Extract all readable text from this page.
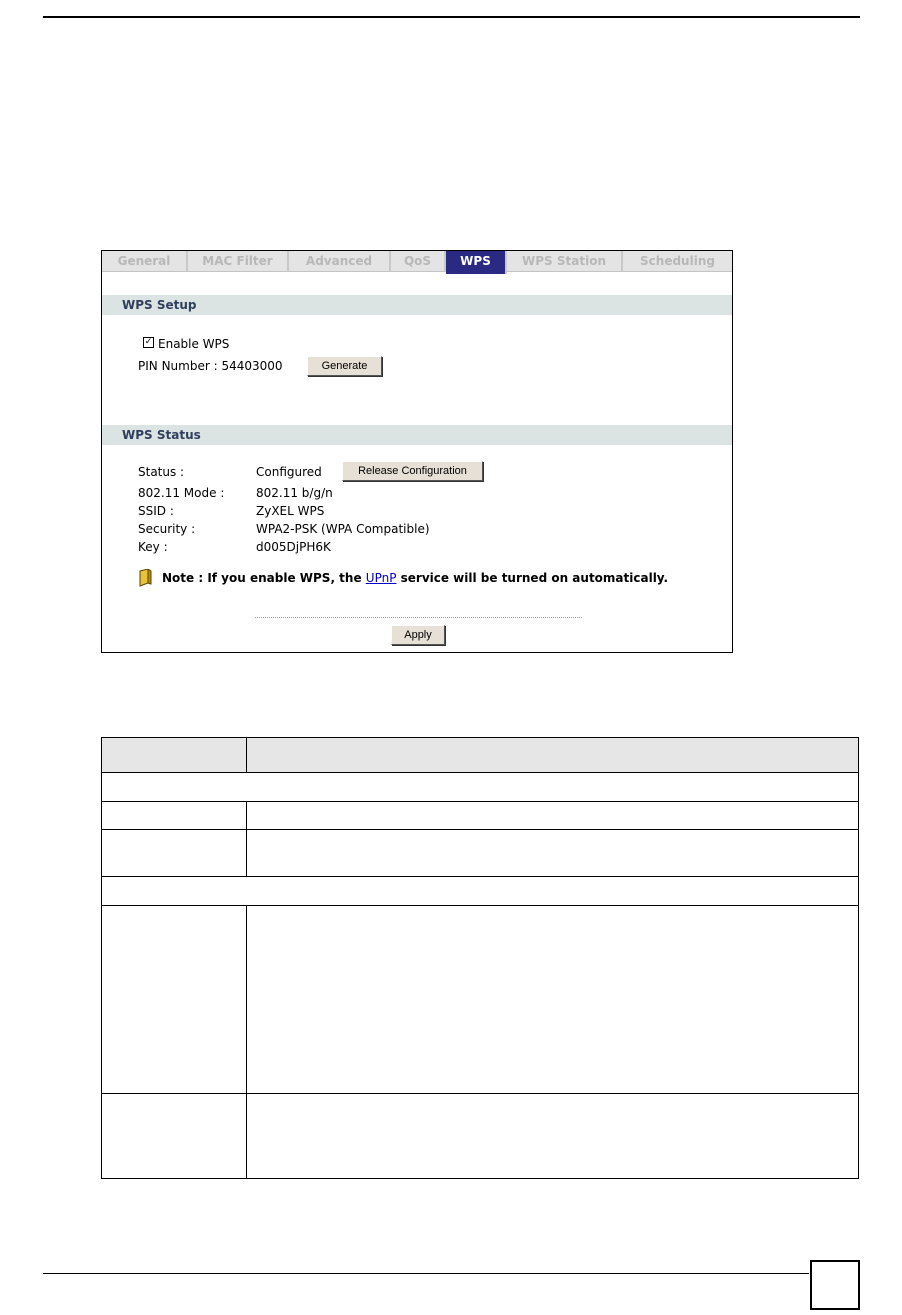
General	MAC Filter	Advanced	QoS	WPS	WPS Station	Scheduling
WPS Setup
✓ Enable WPS
PIN Number : 54403000	Generate
WPS Status
Status :	Configured	Release Configuration
802.11 Mode :	802.11 b/g/n
SSID :	ZyXEL WPS
Security :	WPA2-PSK (WPA Compatible)
Key :	d005DjPH6K
Note : If you enable WPS, the UPnP service will be turned on automatically.
Apply
